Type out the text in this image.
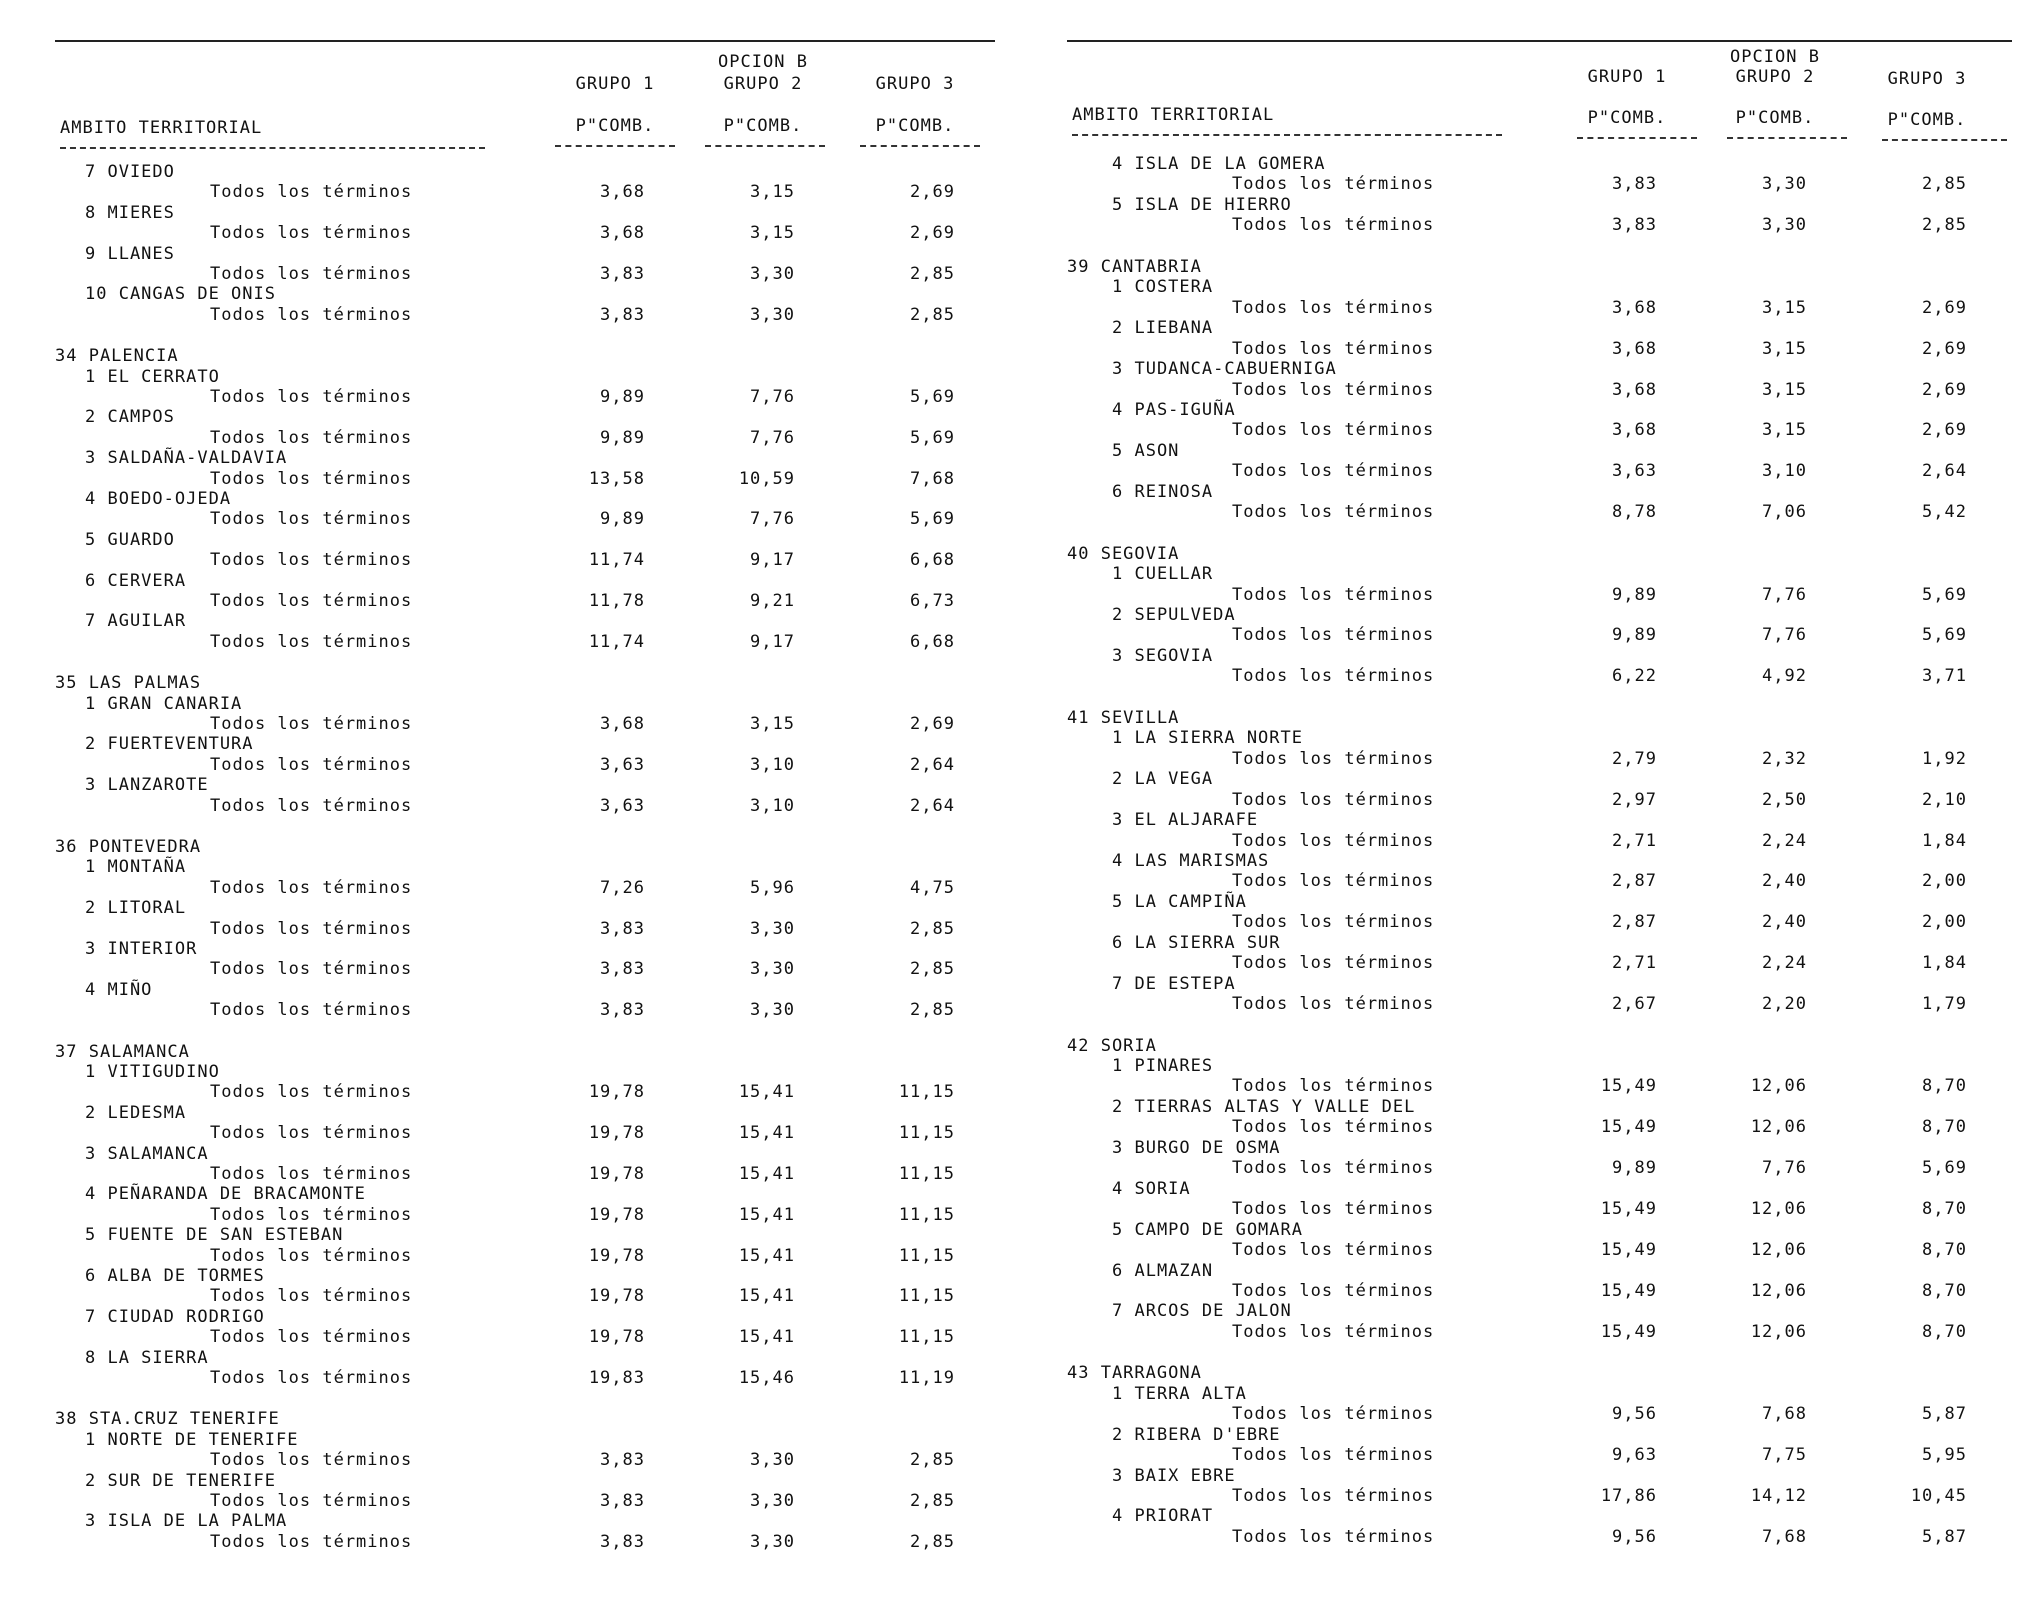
OPCION B
GRUPO 1	GRUPO 2	GRUPO 3
AMBITO TERRITORIAL	P"COMB.	P"COMB.	P"COMB.
7 OVIEDO
Todos los términos	3,68	3,15	2,69
8 MIERES
Todos los términos	3,68	3,15	2,69
9 LLANES
Todos los términos	3,83	3,30	2,85
10 CANGAS DE ONIS
Todos los términos	3,83	3,30	2,85
34 PALENCIA
1 EL CERRATO
Todos los términos	9,89	7,76	5,69
2 CAMPOS
Todos los términos	9,89	7,76	5,69
3 SALDAÑA-VALDAVIA
Todos los términos	13,58	10,59	7,68
4 BOEDO-OJEDA
Todos los términos	9,89	7,76	5,69
5 GUARDO
Todos los términos	11,74	9,17	6,68
6 CERVERA
Todos los términos	11,78	9,21	6,73
7 AGUILAR
Todos los términos	11,74	9,17	6,68
35 LAS PALMAS
1 GRAN CANARIA
Todos los términos	3,68	3,15	2,69
2 FUERTEVENTURA
Todos los términos	3,63	3,10	2,64
3 LANZAROTE
Todos los términos	3,63	3,10	2,64
36 PONTEVEDRA
1 MONTAÑA
Todos los términos	7,26	5,96	4,75
2 LITORAL
Todos los términos	3,83	3,30	2,85
3 INTERIOR
Todos los términos	3,83	3,30	2,85
4 MIÑO
Todos los términos	3,83	3,30	2,85
37 SALAMANCA
1 VITIGUDINO
Todos los términos	19,78	15,41	11,15
2 LEDESMA
Todos los términos	19,78	15,41	11,15
3 SALAMANCA
Todos los términos	19,78	15,41	11,15
4 PEÑARANDA DE BRACAMONTE
Todos los términos	19,78	15,41	11,15
5 FUENTE DE SAN ESTEBAN
Todos los términos	19,78	15,41	11,15
6 ALBA DE TORMES
Todos los términos	19,78	15,41	11,15
7 CIUDAD RODRIGO
Todos los términos	19,78	15,41	11,15
8 LA SIERRA
Todos los términos	19,83	15,46	11,19
38 STA.CRUZ TENERIFE
1 NORTE DE TENERIFE
Todos los términos	3,83	3,30	2,85
2 SUR DE TENERIFE
Todos los términos	3,83	3,30	2,85
3 ISLA DE LA PALMA
Todos los términos	3,83	3,30	2,85
OPCION B
GRUPO 1	GRUPO 2	GRUPO 3
AMBITO TERRITORIAL	P"COMB.	P"COMB.	P"COMB.
4 ISLA DE LA GOMERA
Todos los términos	3,83	3,30	2,85
5 ISLA DE HIERRO
Todos los términos	3,83	3,30	2,85
39 CANTABRIA
1 COSTERA
Todos los términos	3,68	3,15	2,69
2 LIEBANA
Todos los términos	3,68	3,15	2,69
3 TUDANCA-CABUERNIGA
Todos los términos	3,68	3,15	2,69
4 PAS-IGUÑA
Todos los términos	3,68	3,15	2,69
5 ASON
Todos los términos	3,63	3,10	2,64
6 REINOSA
Todos los términos	8,78	7,06	5,42
40 SEGOVIA
1 CUELLAR
Todos los términos	9,89	7,76	5,69
2 SEPULVEDA
Todos los términos	9,89	7,76	5,69
3 SEGOVIA
Todos los términos	6,22	4,92	3,71
41 SEVILLA
1 LA SIERRA NORTE
Todos los términos	2,79	2,32	1,92
2 LA VEGA
Todos los términos	2,97	2,50	2,10
3 EL ALJARAFE
Todos los términos	2,71	2,24	1,84
4 LAS MARISMAS
Todos los términos	2,87	2,40	2,00
5 LA CAMPIÑA
Todos los términos	2,87	2,40	2,00
6 LA SIERRA SUR
Todos los términos	2,71	2,24	1,84
7 DE ESTEPA
Todos los términos	2,67	2,20	1,79
42 SORIA
1 PINARES
Todos los términos	15,49	12,06	8,70
2 TIERRAS ALTAS Y VALLE DEL
Todos los términos	15,49	12,06	8,70
3 BURGO DE OSMA
Todos los términos	9,89	7,76	5,69
4 SORIA
Todos los términos	15,49	12,06	8,70
5 CAMPO DE GOMARA
Todos los términos	15,49	12,06	8,70
6 ALMAZAN
Todos los términos	15,49	12,06	8,70
7 ARCOS DE JALON
Todos los términos	15,49	12,06	8,70
43 TARRAGONA
1 TERRA ALTA
Todos los términos	9,56	7,68	5,87
2 RIBERA D'EBRE
Todos los términos	9,63	7,75	5,95
3 BAIX EBRE
Todos los términos	17,86	14,12	10,45
4 PRIORAT
Todos los términos	9,56	7,68	5,87
